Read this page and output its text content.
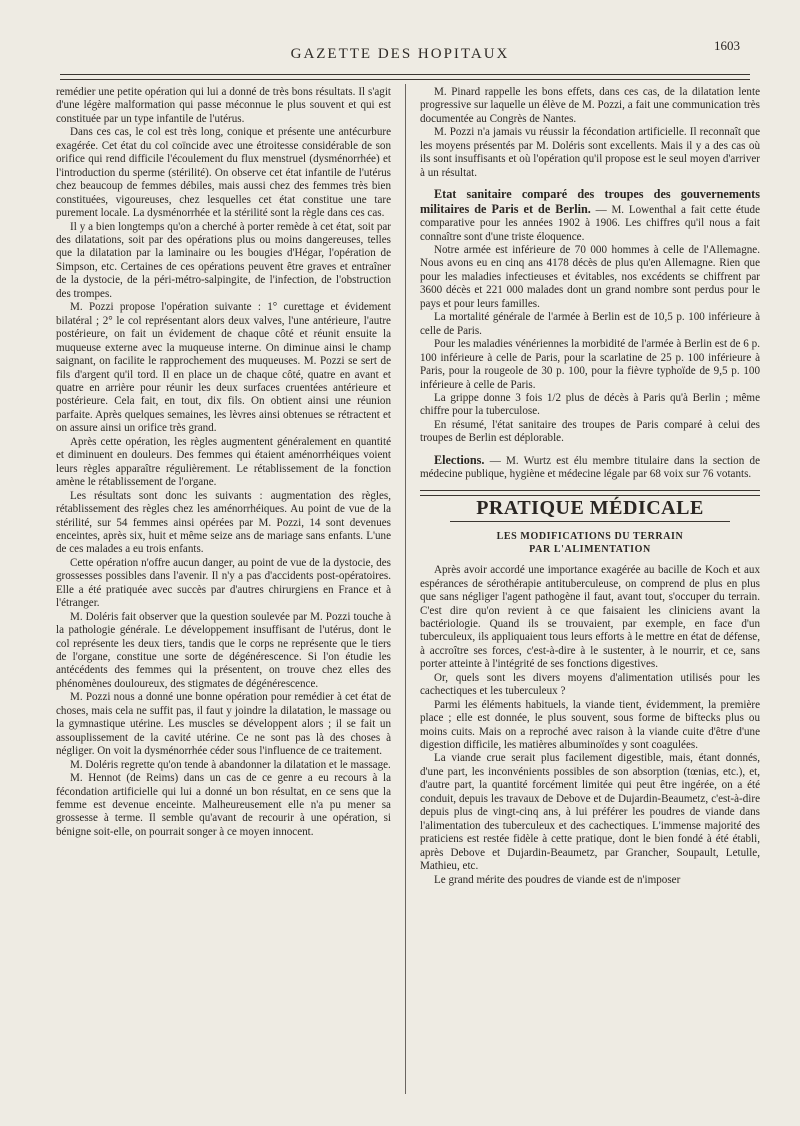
GAZETTE DES HOPITAUX
1603

remédier une petite opération qui lui a donné de très bons résultats. Il s'agit d'une légère malformation qui passe méconnue le plus souvent et qui est constituée par un type infantile de l'utérus.

Dans ces cas, le col est très long, conique et présente une antécurbure exagérée. Cet état du col coïncide avec une étroitesse considérable de son orifice qui rend difficile l'écoulement du flux menstruel (dysménorrhée) et l'introduction du sperme (stérilité). On observe cet état infantile de l'utérus chez beaucoup de femmes débiles, mais aussi chez des femmes très bien constituées, vigoureuses, chez lesquelles cet état constitue une tare purement locale. La dysménorrhée et la stérilité sont la règle dans ces cas.

Il y a bien longtemps qu'on a cherché à porter remède à cet état, soit par des dilatations, soit par des opérations plus ou moins dangereuses, telles que la dilatation par la laminaire ou les bougies d'Hégar, l'opération de Simpson, etc. Certaines de ces opérations peuvent être graves et entraîner de la dystocie, de la péri-métro-salpingite, de l'infection, de l'obstruction des trompes.

M. Pozzi propose l'opération suivante : 1° curettage et évidement bilatéral ; 2° le col représentant alors deux valves, l'une antérieure, l'autre postérieure, on fait un évidement de chaque côté et réunit ensuite la muqueuse externe avec la muqueuse interne. On diminue ainsi le champ saignant, on facilite le rapprochement des muqueuses. M. Pozzi se sert de fils d'argent qu'il tord. Il en place un de chaque côté, quatre en avant et quatre en arrière pour réunir les deux surfaces cruentées antérieure et postérieure. Cela fait, en tout, dix fils. On obtient ainsi une réunion parfaite. Après quelques semaines, les lèvres ainsi obtenues se rétractent et on assure ainsi un orifice très grand.

Après cette opération, les règles augmentent généralement en quantité et diminuent en douleurs. Des femmes qui étaient aménorrhéiques voient leurs règles apparaître régulièrement. Le rétablissement de la fonction amène le rétablissement de l'organe.

Les résultats sont donc les suivants : augmentation des règles, rétablissement des règles chez les aménorrhéiques. Au point de vue de la stérilité, sur 54 femmes ainsi opérées par M. Pozzi, 14 sont devenues enceintes, après six, huit et même seize ans de mariage sans enfants. L'une de ces malades a eu trois enfants.

Cette opération n'offre aucun danger, au point de vue de la dystocie, des grossesses possibles dans l'avenir. Il n'y a pas d'accidents post-opératoires. Elle a été pratiquée avec succès par d'autres chirurgiens en France et à l'étranger.

M. Doléris fait observer que la question soulevée par M. Pozzi touche à la pathologie générale. Le développement insuffisant de l'utérus, dont le col représente les deux tiers, tandis que le corps ne représente que le tiers de l'organe, constitue une sorte de dégénérescence. Si l'on étudie les antécédents des femmes qui la présentent, on trouve chez elles des phénomènes douloureux, des stigmates de dégénérescence.

M. Pozzi nous a donné une bonne opération pour remédier à cet état de choses, mais cela ne suffit pas, il faut y joindre la dilatation, le massage ou la gymnastique utérine. Les muscles se développent alors ; il se fait un assouplissement de la cavité utérine. Ce ne sont pas là des choses à négliger. On voit la dysménorrhée céder sous l'influence de ce traitement.

M. Doléris regrette qu'on tende à abandonner la dilatation et le massage.

M. Hennot (de Reims) dans un cas de ce genre a eu recours à la fécondation artificielle qui lui a donné un bon résultat, en ce sens que la femme est devenue enceinte. Malheureusement elle n'a pu mener sa grossesse à terme. Il semble qu'avant de recourir à une opération, si bénigne soit-elle, on pourrait songer à ce moyen innocent.

M. Pinard rappelle les bons effets, dans ces cas, de la dilatation lente progressive sur laquelle un élève de M. Pozzi, a fait une communication très documentée au Congrès de Nantes.

M. Pozzi n'a jamais vu réussir la fécondation artificielle. Il reconnaît que les moyens présentés par M. Doléris sont excellents. Mais il y a des cas où ils sont insuffisants et où l'opération qu'il propose est le seul moyen d'arriver à un résultat.

Etat sanitaire comparé des troupes des gouvernements militaires de Paris et de Berlin. — M. Lowenthal a fait cette étude comparative pour les années 1902 à 1906. Les chiffres qu'il nous a fait connaître sont d'une triste éloquence.

Notre armée est inférieure de 70 000 hommes à celle de l'Allemagne. Nous avons eu en cinq ans 4178 décès de plus qu'en Allemagne. Rien que pour les maladies infectieuses et évitables, nos excédents se chiffrent par 3600 décès et 221 000 malades dont un grand nombre sont perdus pour le pays et pour leurs familles.

La mortalité générale de l'armée à Berlin est de 10,5 p. 100 inférieure à celle de Paris.

Pour les maladies vénériennes la morbidité de l'armée à Berlin est de 6 p. 100 inférieure à celle de Paris, pour la scarlatine de 25 p. 100 inférieure à Paris, pour la rougeole de 30 p. 100, pour la fièvre typhoïde de 9,5 p. 100 inférieure à celle de Paris.

La grippe donne 3 fois 1/2 plus de décès à Paris qu'à Berlin ; même chiffre pour la tuberculose.

En résumé, l'état sanitaire des troupes de Paris comparé à celui des troupes de Berlin est déplorable.

Elections. — M. Wurtz est élu membre titulaire dans la section de médecine publique, hygiène et médecine légale par 68 voix sur 76 votants.

PRATIQUE MÉDICALE
LES MODIFICATIONS DU TERRAIN
PAR L'ALIMENTATION

Après avoir accordé une importance exagérée au bacille de Koch et aux espérances de sérothérapie antituberculeuse, on comprend de plus en plus que sans négliger l'agent pathogène il faut, avant tout, s'occuper du terrain. C'est dire qu'on revient à ce que faisaient les cliniciens avant la bactériologie. Quand ils se trouvaient, par exemple, en face d'un tuberculeux, ils appliquaient tous leurs efforts à le mettre en état de défense, à accroître ses forces, c'est-à-dire à le sustenter, à le nourrir, et ce, sans porter atteinte à l'intégrité de ses fonctions digestives.

Or, quels sont les divers moyens d'alimentation utilisés pour les cachectiques et les tuberculeux ?

Parmi les éléments habituels, la viande tient, évidemment, la première place ; elle est donnée, le plus souvent, sous forme de biftecks plus ou moins cuits. Mais on a reproché avec raison à la viande cuite d'être d'une digestion difficile, les matières albuminoïdes y sont coagulées.

La viande crue serait plus facilement digestible, mais, étant donnés, d'une part, les inconvénients possibles de son absorption (tœnias, etc.), et, d'autre part, la quantité forcément limitée qui peut être ingérée, on a été conduit, depuis les travaux de Debove et de Dujardin-Beaumetz, c'est-à-dire depuis plus de vingt-cinq ans, à lui préférer les poudres de viande dans l'alimentation des tuberculeux et des cachectiques. L'immense majorité des praticiens est restée fidèle à cette pratique, dont le bien fondé à été établi, après Debove et Dujardin-Beaumetz, par Grancher, Soupault, Letulle, Mathieu, etc.

Le grand mérite des poudres de viande est de n'imposer
